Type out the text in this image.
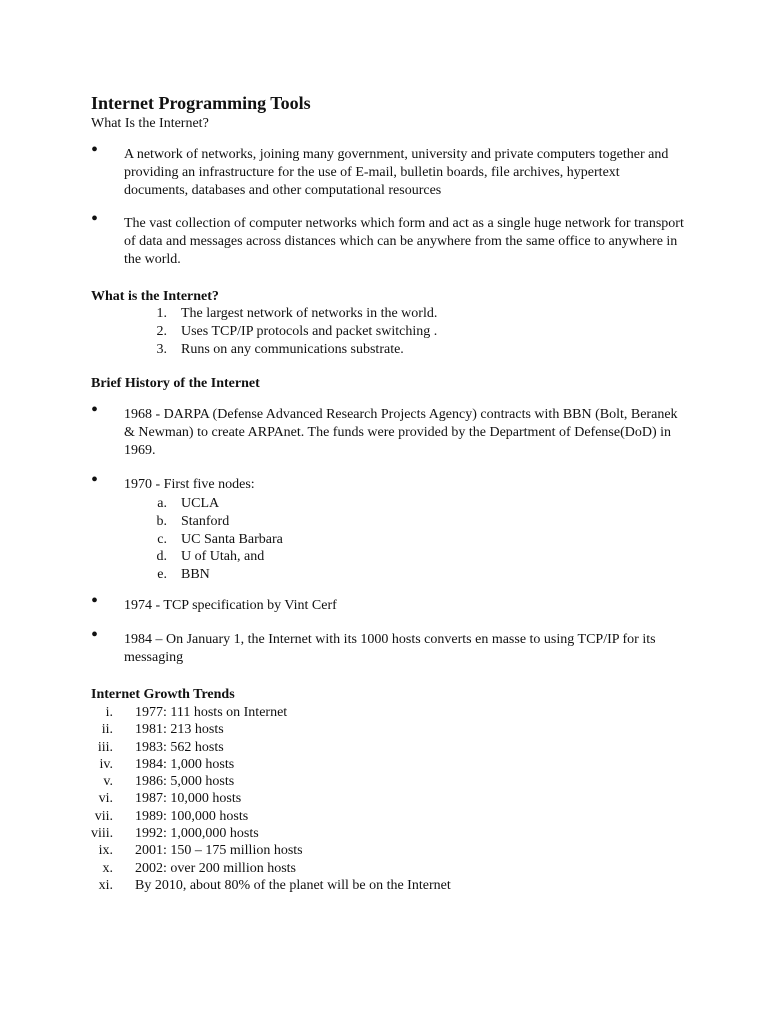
Internet Programming Tools
What Is the Internet?
• A network of networks, joining many government, university and private computers together and providing an infrastructure for the use of E-mail, bulletin boards, file archives, hypertext documents, databases and other computational resources
• The vast collection of computer networks which form and act as a single huge network for transport of data and messages across distances which can be anywhere from the same office to anywhere in the world.
What is the Internet?
1. The largest network of networks in the world.
2. Uses TCP/IP protocols and packet switching .
3. Runs on any communications substrate.
Brief History of the Internet
• 1968 - DARPA (Defense Advanced Research Projects Agency) contracts with BBN (Bolt, Beranek & Newman) to create ARPAnet. The funds were provided by the Department of Defense(DoD) in 1969.
• 1970 - First five nodes:
a. UCLA
b. Stanford
c. UC Santa Barbara
d. U of Utah, and
e. BBN
• 1974 - TCP specification by Vint Cerf
• 1984 – On January 1, the Internet with its 1000 hosts converts en masse to using TCP/IP for its messaging
Internet Growth Trends
i. 1977: 111 hosts on Internet
ii. 1981: 213 hosts
iii. 1983: 562 hosts
iv. 1984: 1,000 hosts
v. 1986: 5,000 hosts
vi. 1987: 10,000 hosts
vii. 1989: 100,000 hosts
viii. 1992: 1,000,000 hosts
ix. 2001: 150 – 175 million hosts
x. 2002: over 200 million hosts
xi. By 2010, about 80% of the planet will be on the Internet
